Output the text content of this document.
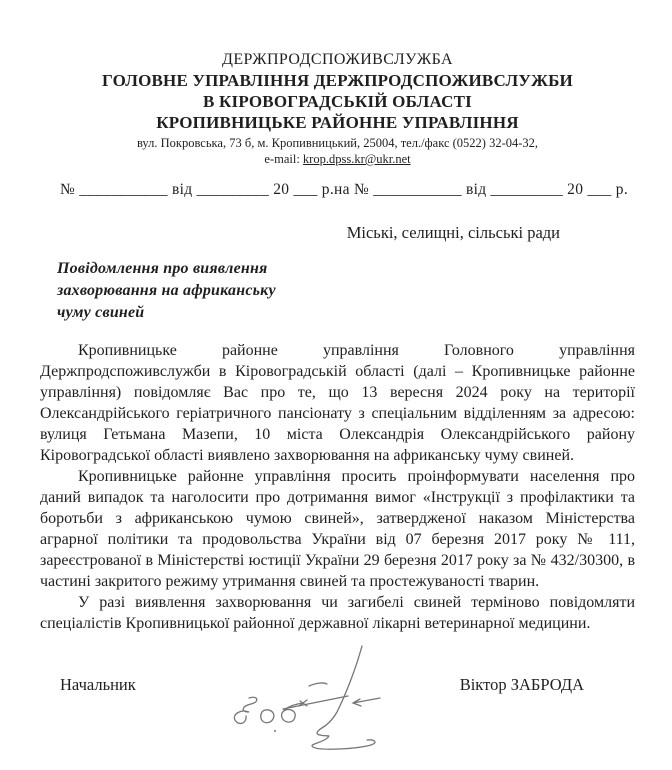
ДЕРЖПРОДСПОЖИВСЛУЖБА
ГОЛОВНЕ УПРАВЛІННЯ ДЕРЖПРОДСПОЖИВСЛУЖБИ
В КІРОВОГРАДСЬКІЙ ОБЛАСТІ
КРОПИВНИЦЬКЕ РАЙОННЕ УПРАВЛІННЯ
вул. Покровська, 73 б, м. Кропивницький, 25004, тел./факс (0522) 32-04-32,
e-mail: krop.dpss.kr@ukr.net
№ ___________ від _________ 20 ___ р. на № ___________ від _________ 20 ___ р.
Міські, селищні, сільські ради
Повідомлення про виявлення
захворювання на африканську
чуму свиней

Кропивницьке районне управління Головного управління Держпродспоживслужби в Кіровоградській області (далі – Кропивницьке районне управління) повідомляє Вас про те, що 13 вересня 2024 року на території Олександрійського геріатричного пансіонату з спеціальним відділенням за адресою: вулиця Гетьмана Мазепи, 10 міста Олександрія Олександрійського району Кіровоградської області виявлено захворювання на африканську чуму свиней.

Кропивницьке районне управління просить проінформувати населення про даний випадок та наголосити про дотримання вимог «Інструкції з профілактики та боротьби з африканською чумою свиней», затвердженої наказом Міністерства аграрної політики та продовольства України від 07 березня 2017 року № 111, зареєстрованої в Міністерстві юстиції України 29 березня 2017 року за № 432/30300, в частині закритого режиму утримання свиней та простежуваності тварин.

У разі виявлення захворювання чи загибелі свиней терміново повідомляти спеціалістів Кропивницької районної державної лікарні ветеринарної медицини.

Начальник	Віктор ЗАБРОДА
